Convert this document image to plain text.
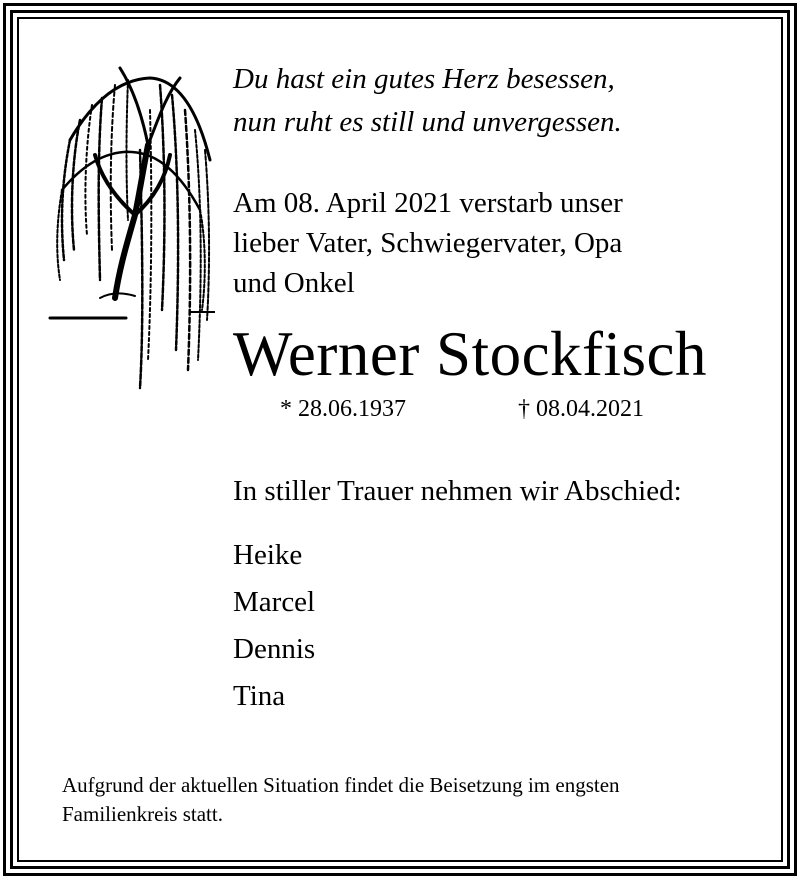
Du hast ein gutes Herz besessen,
nun ruht es still und unvergessen.
Am 08. April 2021 verstarb unser
lieber Vater, Schwiegervater, Opa
und Onkel
Werner Stockfisch
* 28.06.1937	† 08.04.2021
In stiller Trauer nehmen wir Abschied:
Heike
Marcel
Dennis
Tina
Aufgrund der aktuellen Situation findet die Beisetzung im engsten
Familienkreis statt.
